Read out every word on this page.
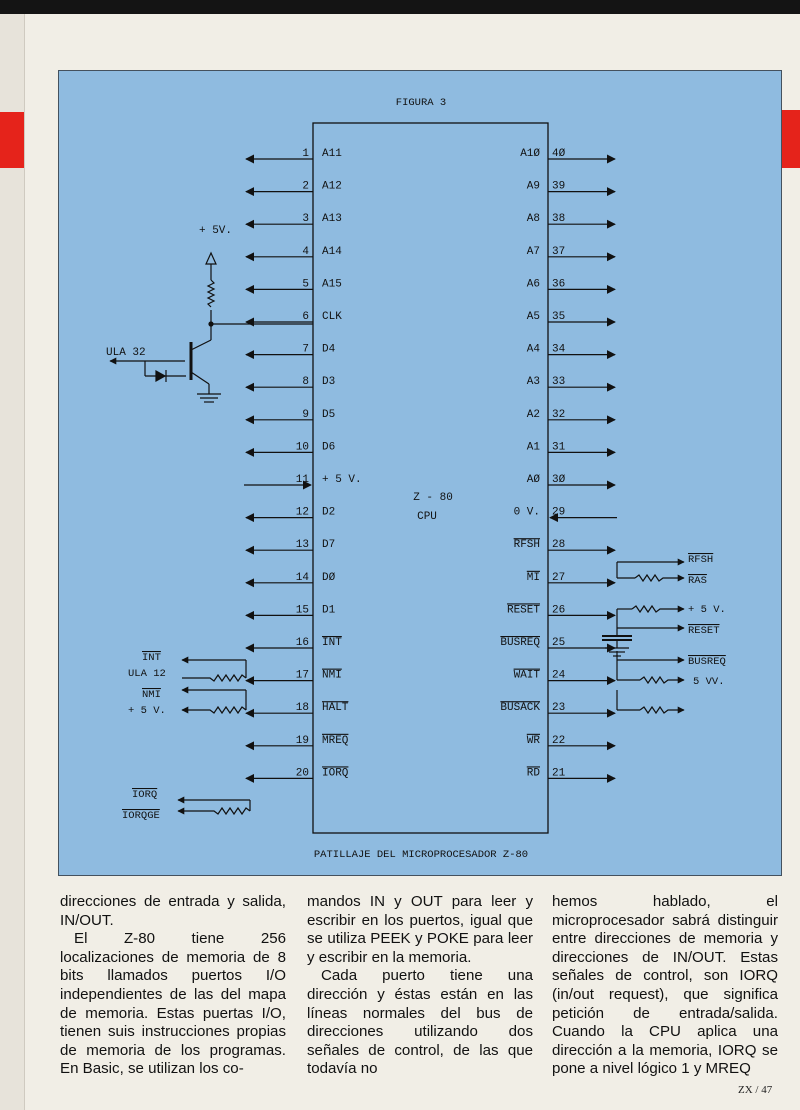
FIGURA 3
Z - 80
CPU
1 A11
2 A12
3 A13
4 A14
5 A15
6 CLK
7 D4
8 D3
9 D5
10 D6
11 + 5 V.
12 D2
13 D7
14 DØ
15 D1
16 INT
17 NMI
18 HALT
19 MREQ
20 IORQ
4Ø
A1Ø
39
A9
38
A8
37
A7
36
A6
35
A5
34
A4
33
A3
32
A2
31
A1
3Ø
AØ
29
0 V.
28
RFSH
27
MI
26
RESET
25
BUSREQ
24
WAIT
23
BUSACK
22
WR
21
RD
+ 5V.
ULA 32
INT
ULA 12
NMI
+ 5 V.
IORQ
IORQGE
RFSH
RAS
+ 5 V.
RESET
BUSREQ
5 VV.
PATILLAJE DEL MICROPROCESADOR Z-80

direcciones de entrada y salida, IN/OUT.

El Z-80 tiene 256 localizaciones de memoria de 8 bits llamados puertos I/O independientes de las del mapa de memoria. Estas puertas I/O, tienen suis instrucciones propias de memoria de los programas. En Basic, se utilizan los co-

mandos IN y OUT para leer y escribir en los puertos, igual que se utiliza PEEK y POKE para leer y escribir en la memoria.

Cada puerto tiene una dirección y éstas están en las líneas normales del bus de direcciones utilizando dos señales de control, de las que todavía no

hemos hablado, el microprocesador sabrá distinguir entre direcciones de memoria y direcciones de IN/OUT. Estas señales de control, son IORQ (in/out request), que significa petición de entrada/salida. Cuando la CPU aplica una dirección a la memoria, IORQ se pone a nivel lógico 1 y MREQ

ZX / 47
